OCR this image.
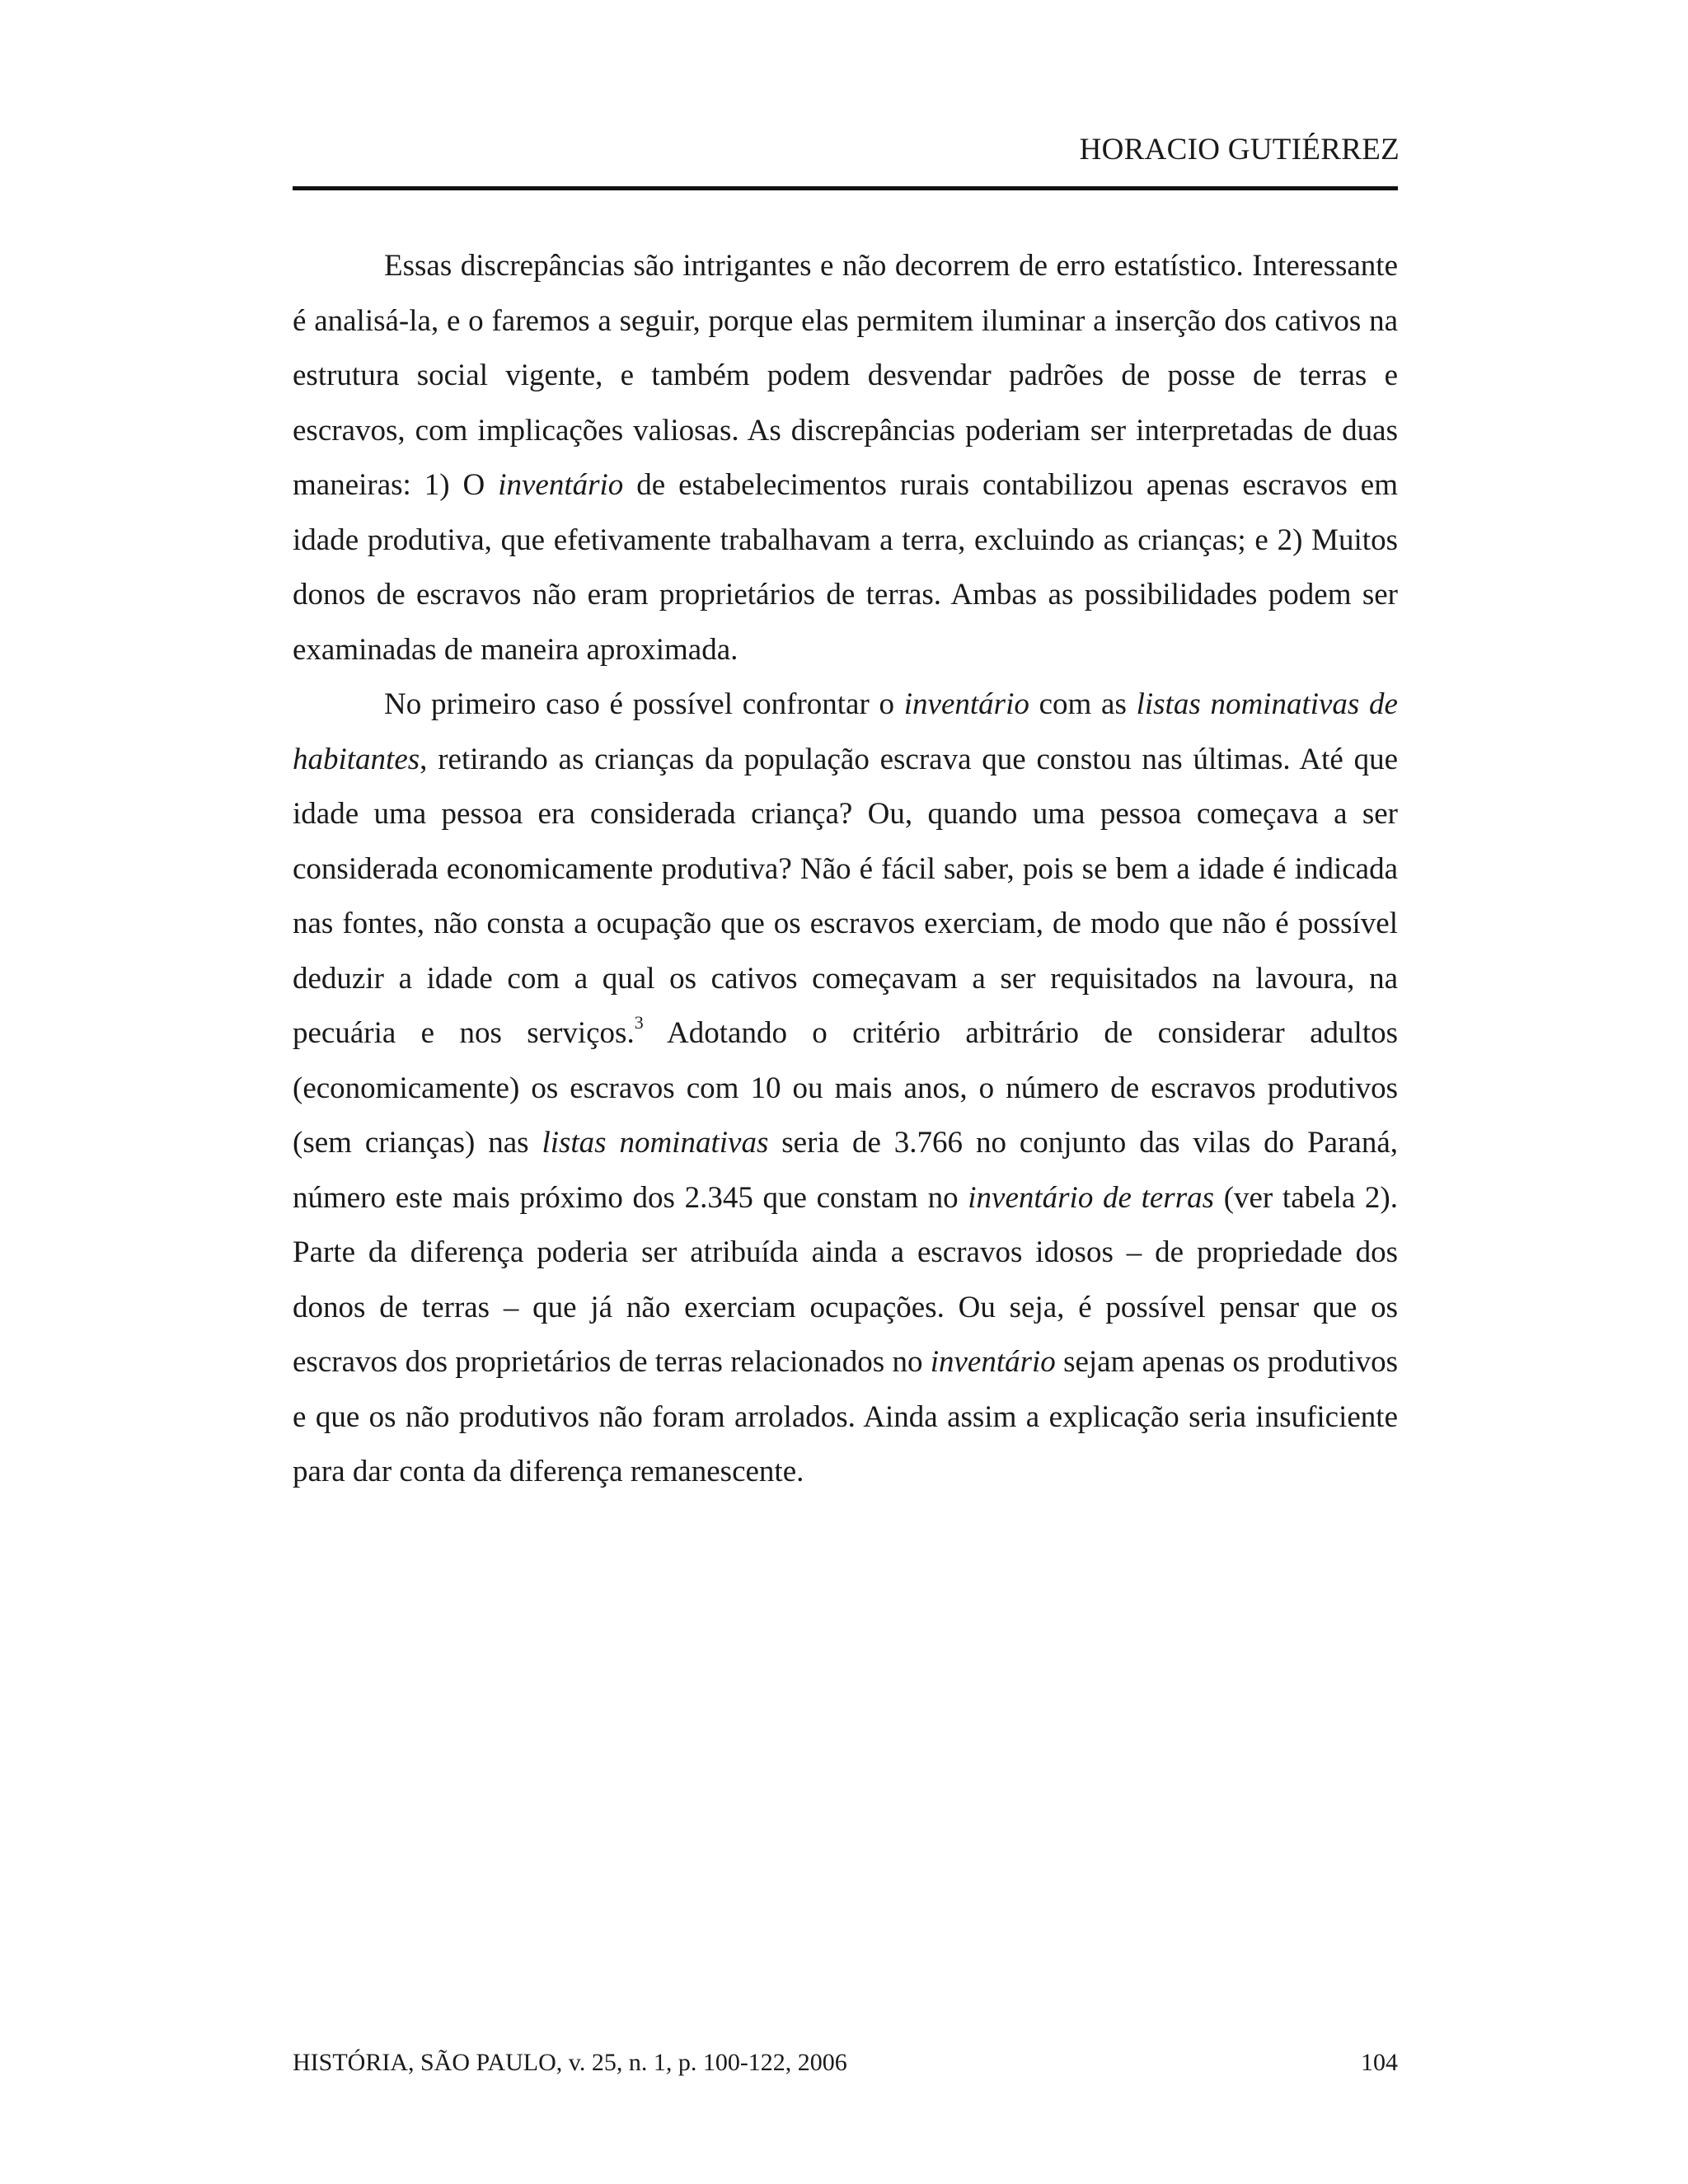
HORACIO GUTIÉRREZ

Essas discrepâncias são intrigantes e não decorrem de erro estatístico. Interessante é analisá-la, e o faremos a seguir, porque elas permitem iluminar a inserção dos cativos na estrutura social vigente, e também podem desvendar padrões de posse de terras e escravos, com implicações valiosas. As discrepâncias poderiam ser interpretadas de duas maneiras: 1) O inventário de estabelecimentos rurais contabilizou apenas escravos em idade produtiva, que efetivamente trabalhavam a terra, excluindo as crianças; e 2) Muitos donos de escravos não eram proprietários de terras. Ambas as possibilidades podem ser examinadas de maneira aproximada.

No primeiro caso é possível confrontar o inventário com as listas nominativas de habitantes, retirando as crianças da população escrava que constou nas últimas. Até que idade uma pessoa era considerada criança? Ou, quando uma pessoa começava a ser considerada economicamente produtiva? Não é fácil saber, pois se bem a idade é indicada nas fontes, não consta a ocupação que os escravos exerciam, de modo que não é possível deduzir a idade com a qual os cativos começavam a ser requisitados na lavoura, na pecuária e nos serviços.$^3$ Adotando o critério arbitrário de considerar adultos (economicamente) os escravos com 10 ou mais anos, o número de escravos produtivos (sem crianças) nas listas nominativas seria de 3.766 no conjunto das vilas do Paraná, número este mais próximo dos 2.345 que constam no inventário de terras (ver tabela 2). Parte da diferença poderia ser atribuída ainda a escravos idosos – de propriedade dos donos de terras – que já não exerciam ocupações. Ou seja, é possível pensar que os escravos dos proprietários de terras relacionados no inventário sejam apenas os produtivos e que os não produtivos não foram arrolados. Ainda assim a explicação seria insuficiente para dar conta da diferença remanescente.

HISTÓRIA, SÃO PAULO, v. 25, n. 1, p. 100-122, 2006	104
